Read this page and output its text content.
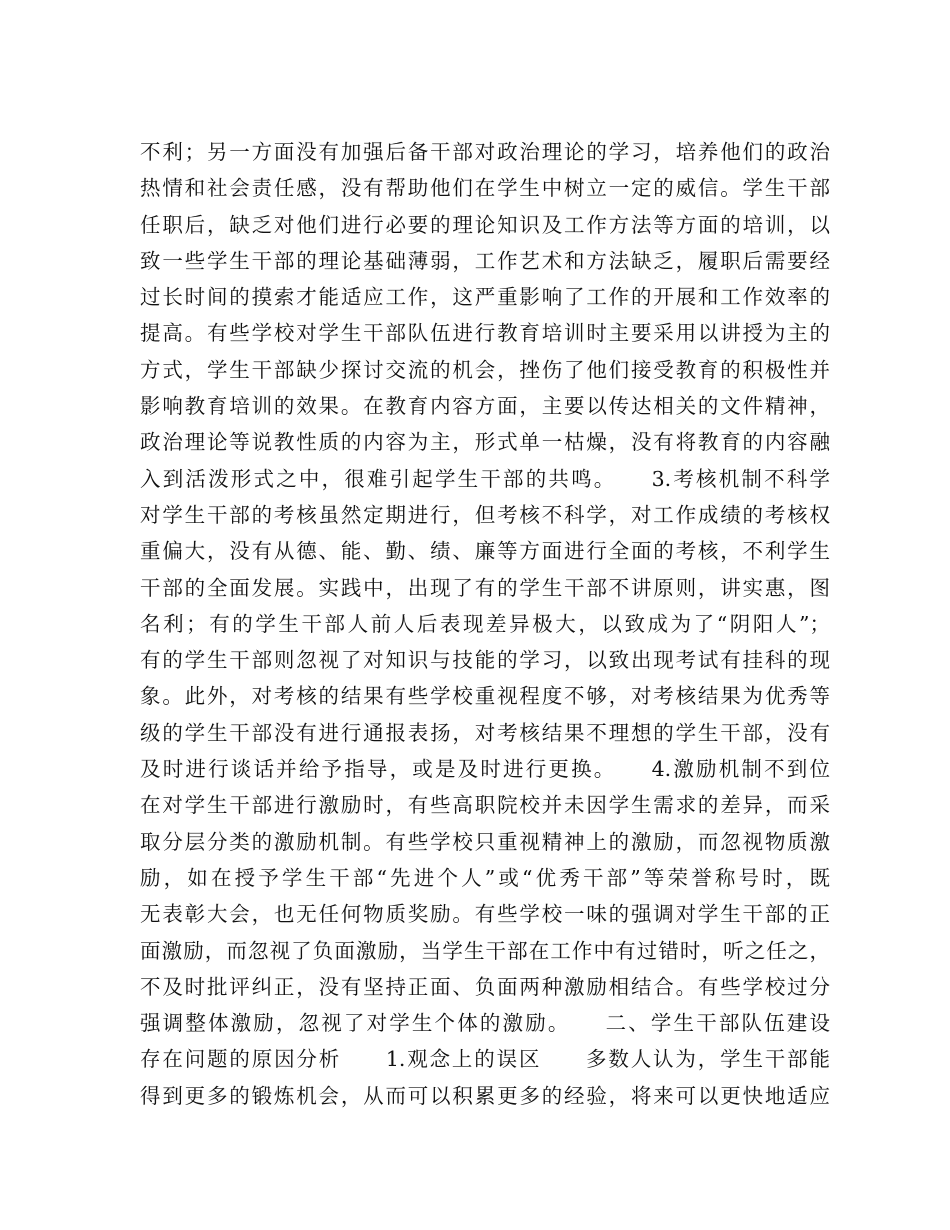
不利；另一方面没有加强后备干部对政治理论的学习，培养他们的政治
热情和社会责任感，没有帮助他们在学生中树立一定的威信。学生干部
任职后，缺乏对他们进行必要的理论知识及工作方法等方面的培训，以
致一些学生干部的理论基础薄弱，工作艺术和方法缺乏，履职后需要经
过长时间的摸索才能适应工作，这严重影响了工作的开展和工作效率的
提高。有些学校对学生干部队伍进行教育培训时主要采用以讲授为主的
方式，学生干部缺少探讨交流的机会，挫伤了他们接受教育的积极性并
影响教育培训的效果。在教育内容方面，主要以传达相关的文件精神，
政治理论等说教性质的内容为主，形式单一枯燥，没有将教育的内容融
入到活泼形式之中，很难引起学生干部的共鸣。　　3.考核机制不科学
对学生干部的考核虽然定期进行，但考核不科学，对工作成绩的考核权
重偏大，没有从德、能、勤、绩、廉等方面进行全面的考核，不利学生
干部的全面发展。实践中，出现了有的学生干部不讲原则，讲实惠，图
名利；有的学生干部人前人后表现差异极大，以致成为了“阴阳人”；
有的学生干部则忽视了对知识与技能的学习，以致出现考试有挂科的现
象。此外，对考核的结果有些学校重视程度不够，对考核结果为优秀等
级的学生干部没有进行通报表扬，对考核结果不理想的学生干部，没有
及时进行谈话并给予指导，或是及时进行更换。　　4.激励机制不到位
在对学生干部进行激励时，有些高职院校并未因学生需求的差异，而采
取分层分类的激励机制。有些学校只重视精神上的激励，而忽视物质激
励，如在授予学生干部“先进个人”或“优秀干部”等荣誉称号时，既
无表彰大会，也无任何物质奖励。有些学校一味的强调对学生干部的正
面激励，而忽视了负面激励，当学生干部在工作中有过错时，听之任之，
不及时批评纠正，没有坚持正面、负面两种激励相结合。有些学校过分
强调整体激励，忽视了对学生个体的激励。　　二、学生干部队伍建设
存在问题的原因分析　　1.观念上的误区　　多数人认为，学生干部能
得到更多的锻炼机会，从而可以积累更多的经验，将来可以更快地适应
